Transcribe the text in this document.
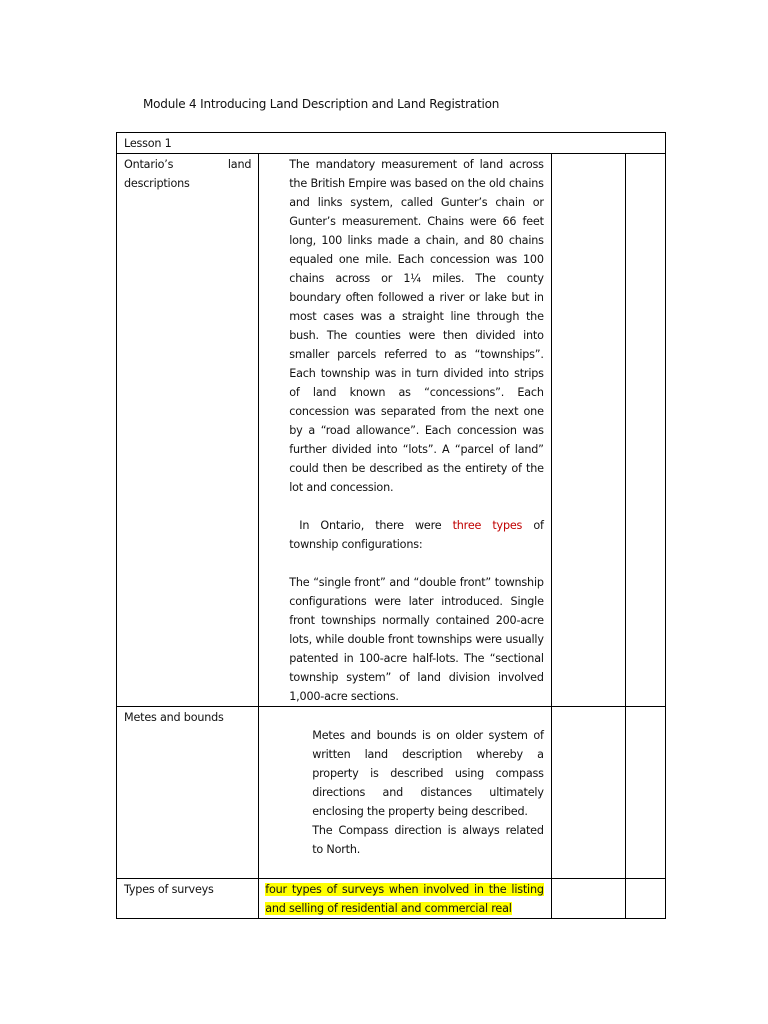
Module 4 Introducing Land Description and Land Registration
Lesson 1			
Ontario’s land descriptions	The mandatory measurement of land across the British Empire was based on the old chains and links system, called Gunter’s chain or Gunter’s measurement. Chains were 66 feet long, 100 links made a chain, and 80 chains equaled one mile. Each concession was 100 chains across or 1¼ miles. The county boundary often followed a river or lake but in most cases was a straight line through the bush. The counties were then divided into smaller parcels referred to as “townships”. Each township was in turn divided into strips of land known as “concessions”. Each concession was separated from the next one by a “road allowance”. Each concession was further divided into “lots”. A “parcel of land” could then be described as the entirety of the lot and concession.

In Ontario, there were three types of township configurations:

The “single front” and “double front” township configurations were later introduced. Single front townships normally contained 200-acre lots, while double front townships were usually patented in 100-acre half-lots. The “sectional township system” of land division involved 1,000-acre sections.		

Metes and bounds	Metes and bounds is on older system of written land description whereby a property is described using compass directions and distances ultimately enclosing the property being described.

The Compass direction is always related to North.		

Types of surveys	four types of surveys when involved in the listing and selling of residential and commercial real		
